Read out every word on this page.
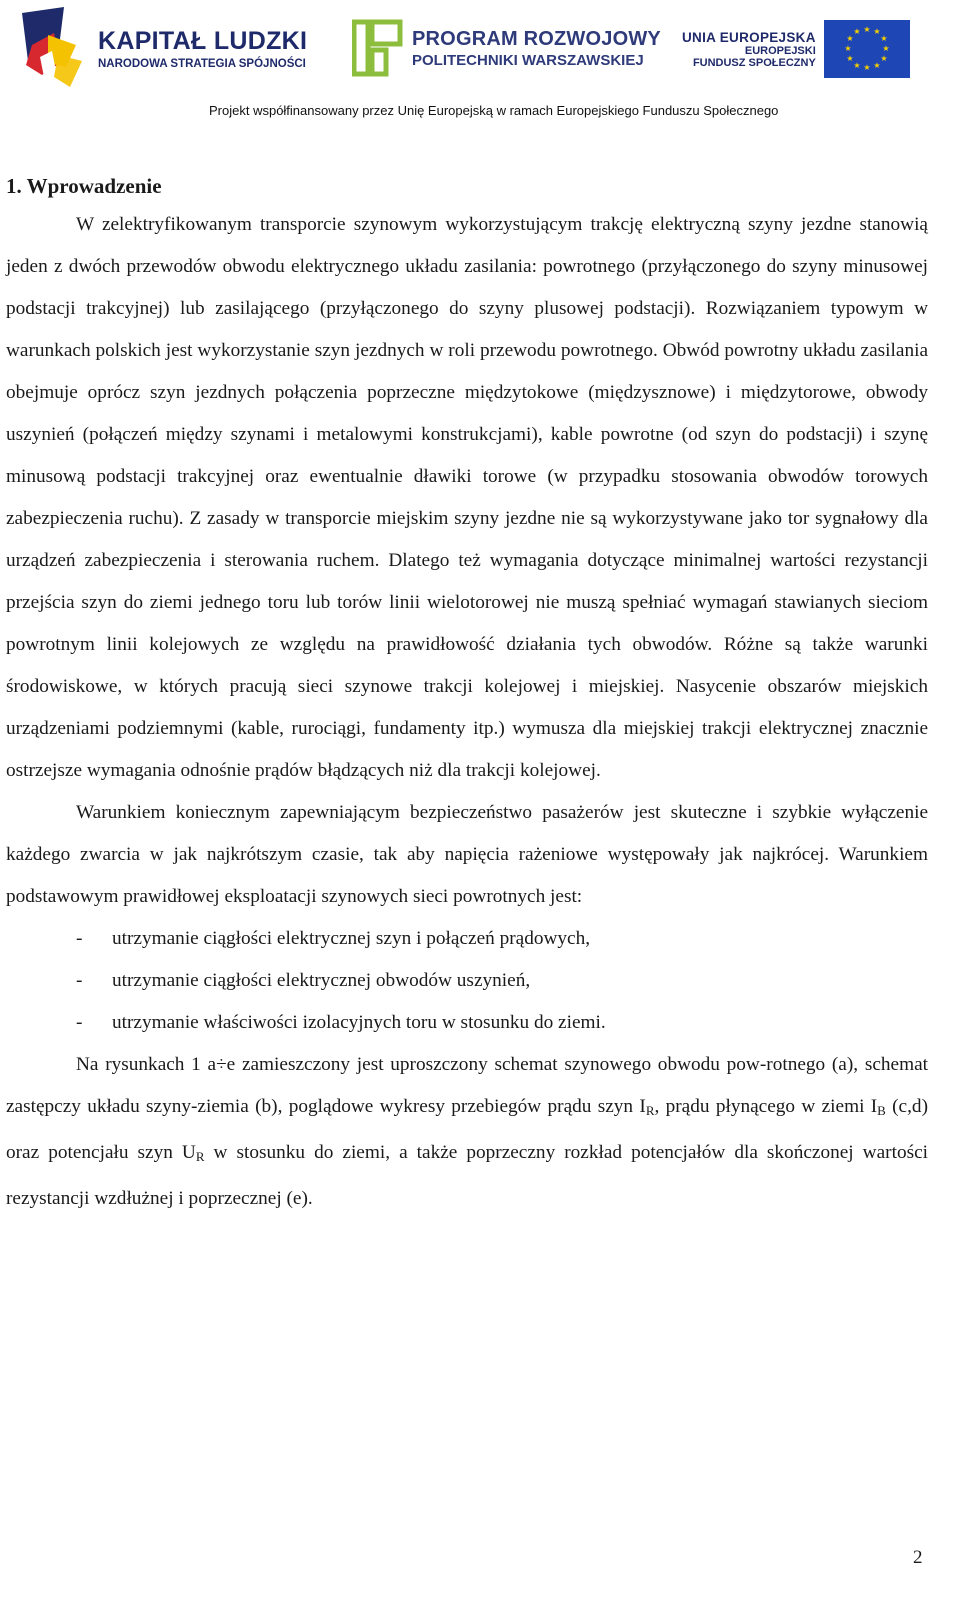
KAPITAŁ LUDZKI
NARODOWA STRATEGIA SPÓJNOŚCI
PROGRAM ROZWOJOWY
POLITECHNIKI WARSZAWSKIEJ
UNIA EUROPEJSKA
EUROPEJSKI
FUNDUSZ SPOŁECZNY
★ ★
★
★
★
★
★
★
★
★
★
★
Projekt współfinansowany przez Unię Europejską w ramach Europejskiego Funduszu Społecznego
1. Wprowadzenie

W zelektryfikowanym transporcie szynowym wykorzystującym trakcję elektryczną szyny jezdne stanowią jeden z dwóch przewodów obwodu elektrycznego układu zasilania: powrotnego (przyłączonego do szyny minusowej podstacji trakcyjnej) lub zasilającego (przyłączonego do szyny plusowej podstacji). Rozwiązaniem typowym w warunkach polskich jest wykorzystanie szyn jezdnych w roli przewodu powrotnego. Obwód powrotny układu zasilania obejmuje oprócz szyn jezdnych połączenia poprzeczne międzytokowe (międzysznowe) i międzytorowe, obwody uszynień (połączeń między szynami i metalowymi konstrukcjami), kable powrotne (od szyn do podstacji) i szynę minusową podstacji trakcyjnej oraz ewentualnie dławiki torowe (w przypadku stosowania obwodów torowych zabezpieczenia ruchu). Z zasady w transporcie miejskim szyny jezdne nie są wykorzystywane jako tor sygnałowy dla urządzeń zabezpieczenia i sterowania ruchem. Dlatego też wymagania dotyczące minimalnej wartości rezystancji przejścia szyn do ziemi jednego toru lub torów linii wielotorowej nie muszą spełniać wymagań stawianych sieciom powrotnym linii kolejowych ze względu na prawidłowość działania tych obwodów. Różne są także warunki środowiskowe, w których pracują sieci szynowe trakcji kolejowej i miejskiej. Nasycenie obszarów miejskich urządzeniami podziemnymi (kable, rurociągi, fundamenty itp.) wymusza dla miejskiej trakcji elektrycznej znacznie ostrzejsze wymagania odnośnie prądów błądzących niż dla trakcji kolejowej.

Warunkiem koniecznym zapewniającym bezpieczeństwo pasażerów jest skuteczne i szybkie wyłączenie każdego zwarcia w jak najkrótszym czasie, tak aby napięcia rażeniowe występowały jak najkrócej. Warunkiem podstawowym prawidłowej eksploatacji szynowych sieci powrotnych jest:

- utrzymanie ciągłości elektrycznej szyn i połączeń prądowych,
- utrzymanie ciągłości elektrycznej obwodów uszynień,
- utrzymanie właściwości izolacyjnych toru w stosunku do ziemi.

Na rysunkach 1 a÷e zamieszczony jest uproszczony schemat szynowego obwodu pow-rotnego (a), schemat zastępczy układu szyny-ziemia (b), poglądowe wykresy przebiegów prądu szyn $I_R$, prądu płynącego w ziemi $I_B$ (c,d) oraz potencjału szyn $U_R$ w stosunku do ziemi, a także poprzeczny rozkład potencjałów dla skończonej wartości rezystancji wzdłużnej i poprzecznej (e).

2
